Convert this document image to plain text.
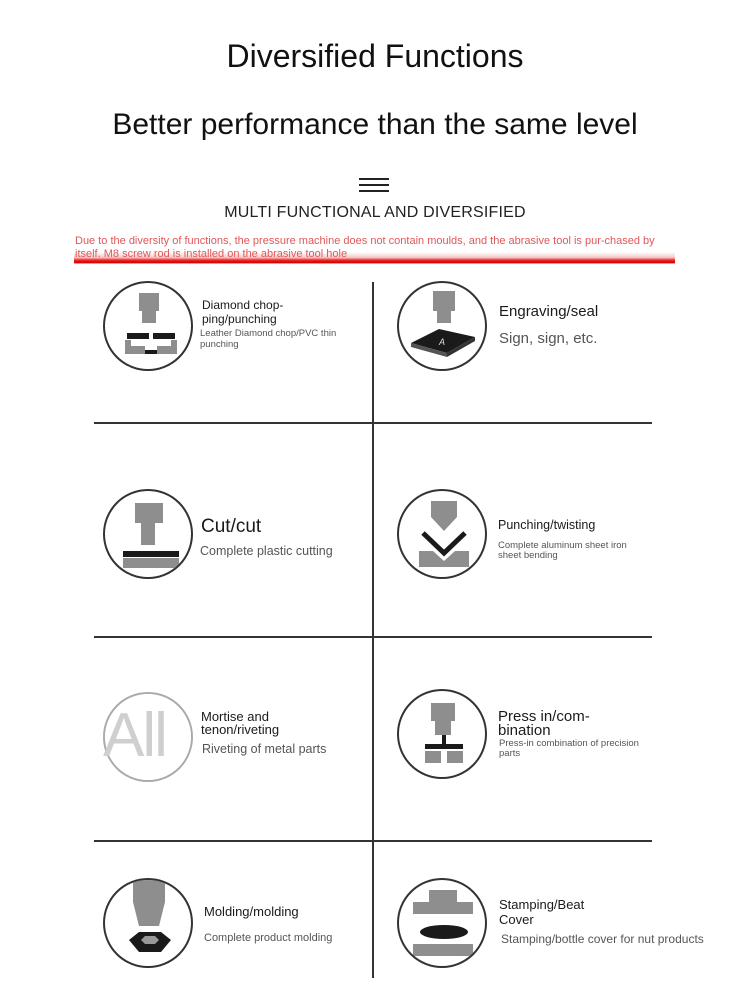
Diversified Functions
Better performance than the same level
MULTI FUNCTIONAL AND DIVERSIFIED
Due to the diversity of functions, the pressure machine does not contain moulds, and the abrasive tool is pur-chased by itself. M8 screw rod is installed on the abrasive tool hole
Diamond chop-ping/punching
Leather Diamond chop/PVC thin punching	A
Engraving/seal
Sign, sign, etc.
Cut/cut
Complete plastic cutting
Punching/twisting
Complete aluminum sheet iron sheet bending
All	Mortise and tenon/riveting
Riveting of metal parts
Press in/com-bination
Press-in combination of precision parts
Molding/molding
Complete product molding
Stamping/Beat Cover
Stamping/bottle cover for nut products
